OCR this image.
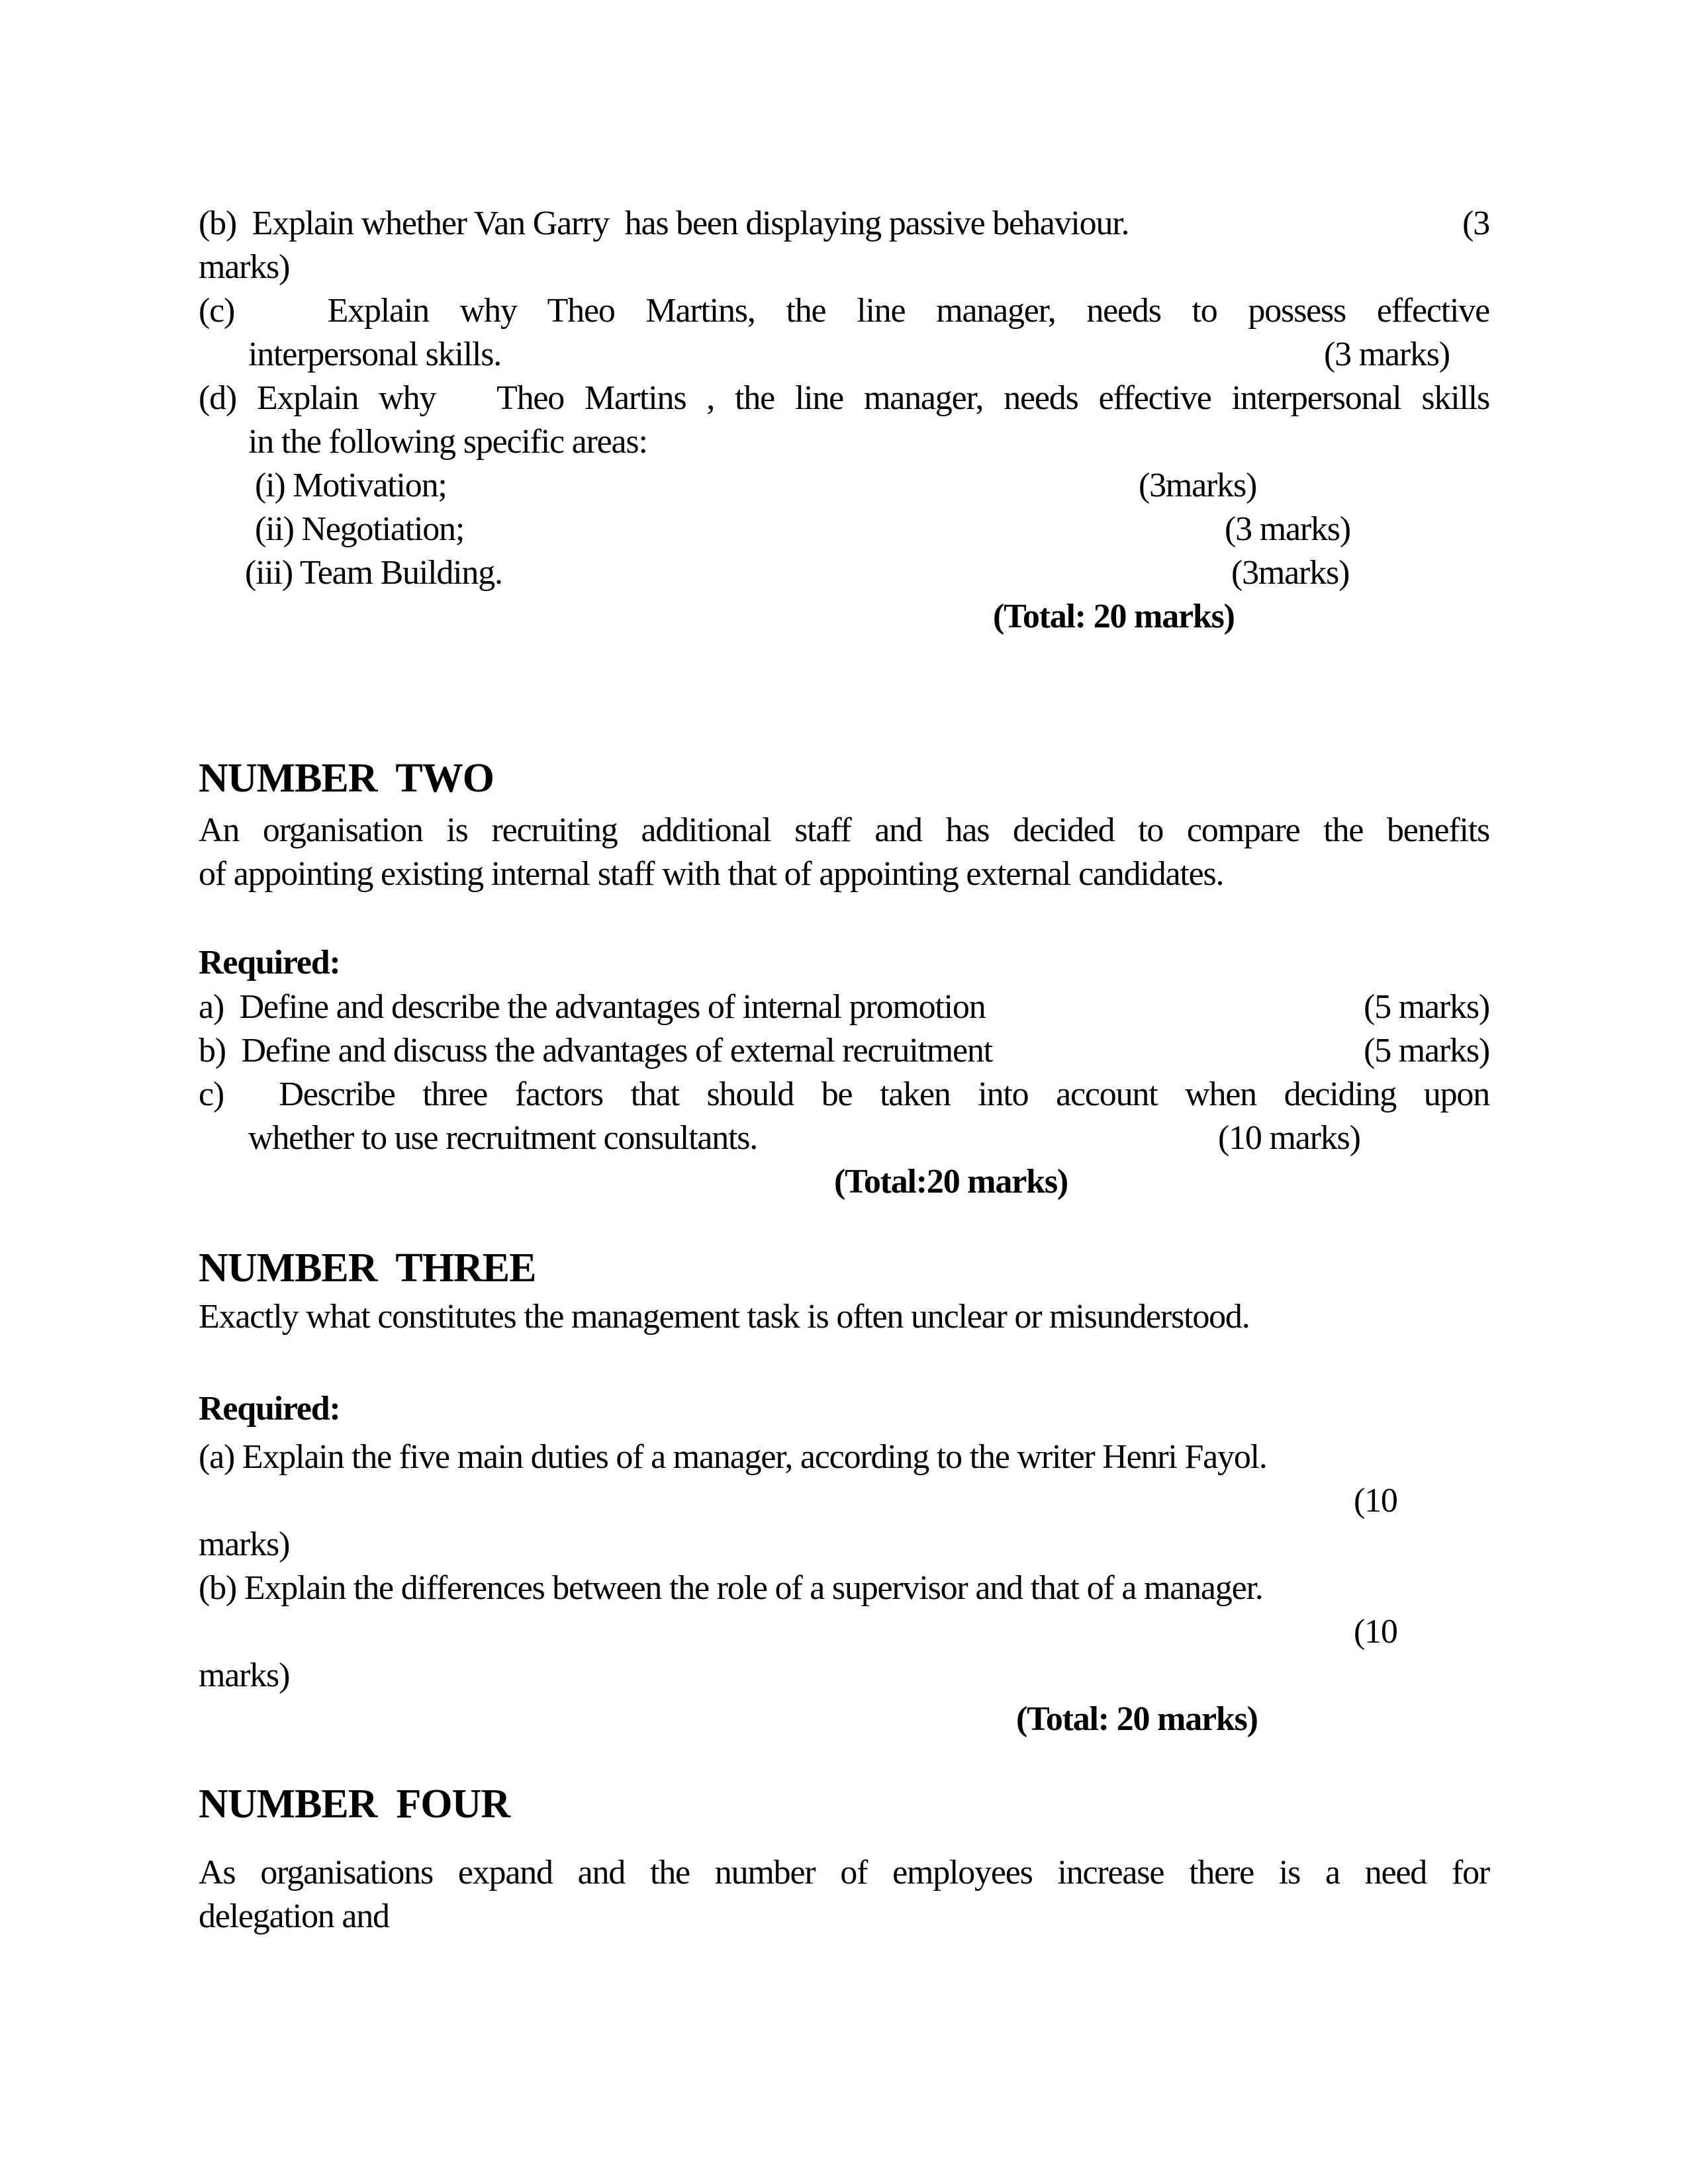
(b)  Explain whether Van Garry  has been displaying passive behaviour.	(3
marks)
(c)   Explain why Theo Martins, the line manager, needs to possess effective
interpersonal skills.	(3 marks)
(d) Explain why   Theo Martins , the line manager, needs effective interpersonal skills
in the following specific areas:
(i) Motivation;	(3marks)
(ii) Negotiation;	(3 marks)
(iii) Team Building.	(3marks)
(Total: 20 marks)
NUMBER  TWO
An organisation is recruiting additional staff and has decided to compare the benefits
of appointing existing internal staff with that of appointing external candidates.
Required:
a)  Define and describe the advantages of internal promotion	(5 marks)
b)  Define and discuss the advantages of external recruitment	(5 marks)
c)  Describe three factors that should be taken into account when deciding upon
whether to use recruitment consultants.	(10 marks)
(Total:20 marks)
NUMBER  THREE
Exactly what constitutes the management task is often unclear or misunderstood.
Required:
(a) Explain the five main duties of a manager, according to the writer Henri Fayol.
(10
marks)
(b) Explain the differences between the role of a supervisor and that of a manager.
(10
marks)
(Total: 20 marks)
NUMBER  FOUR
As organisations expand and the number of employees increase there is a need for
delegation and
